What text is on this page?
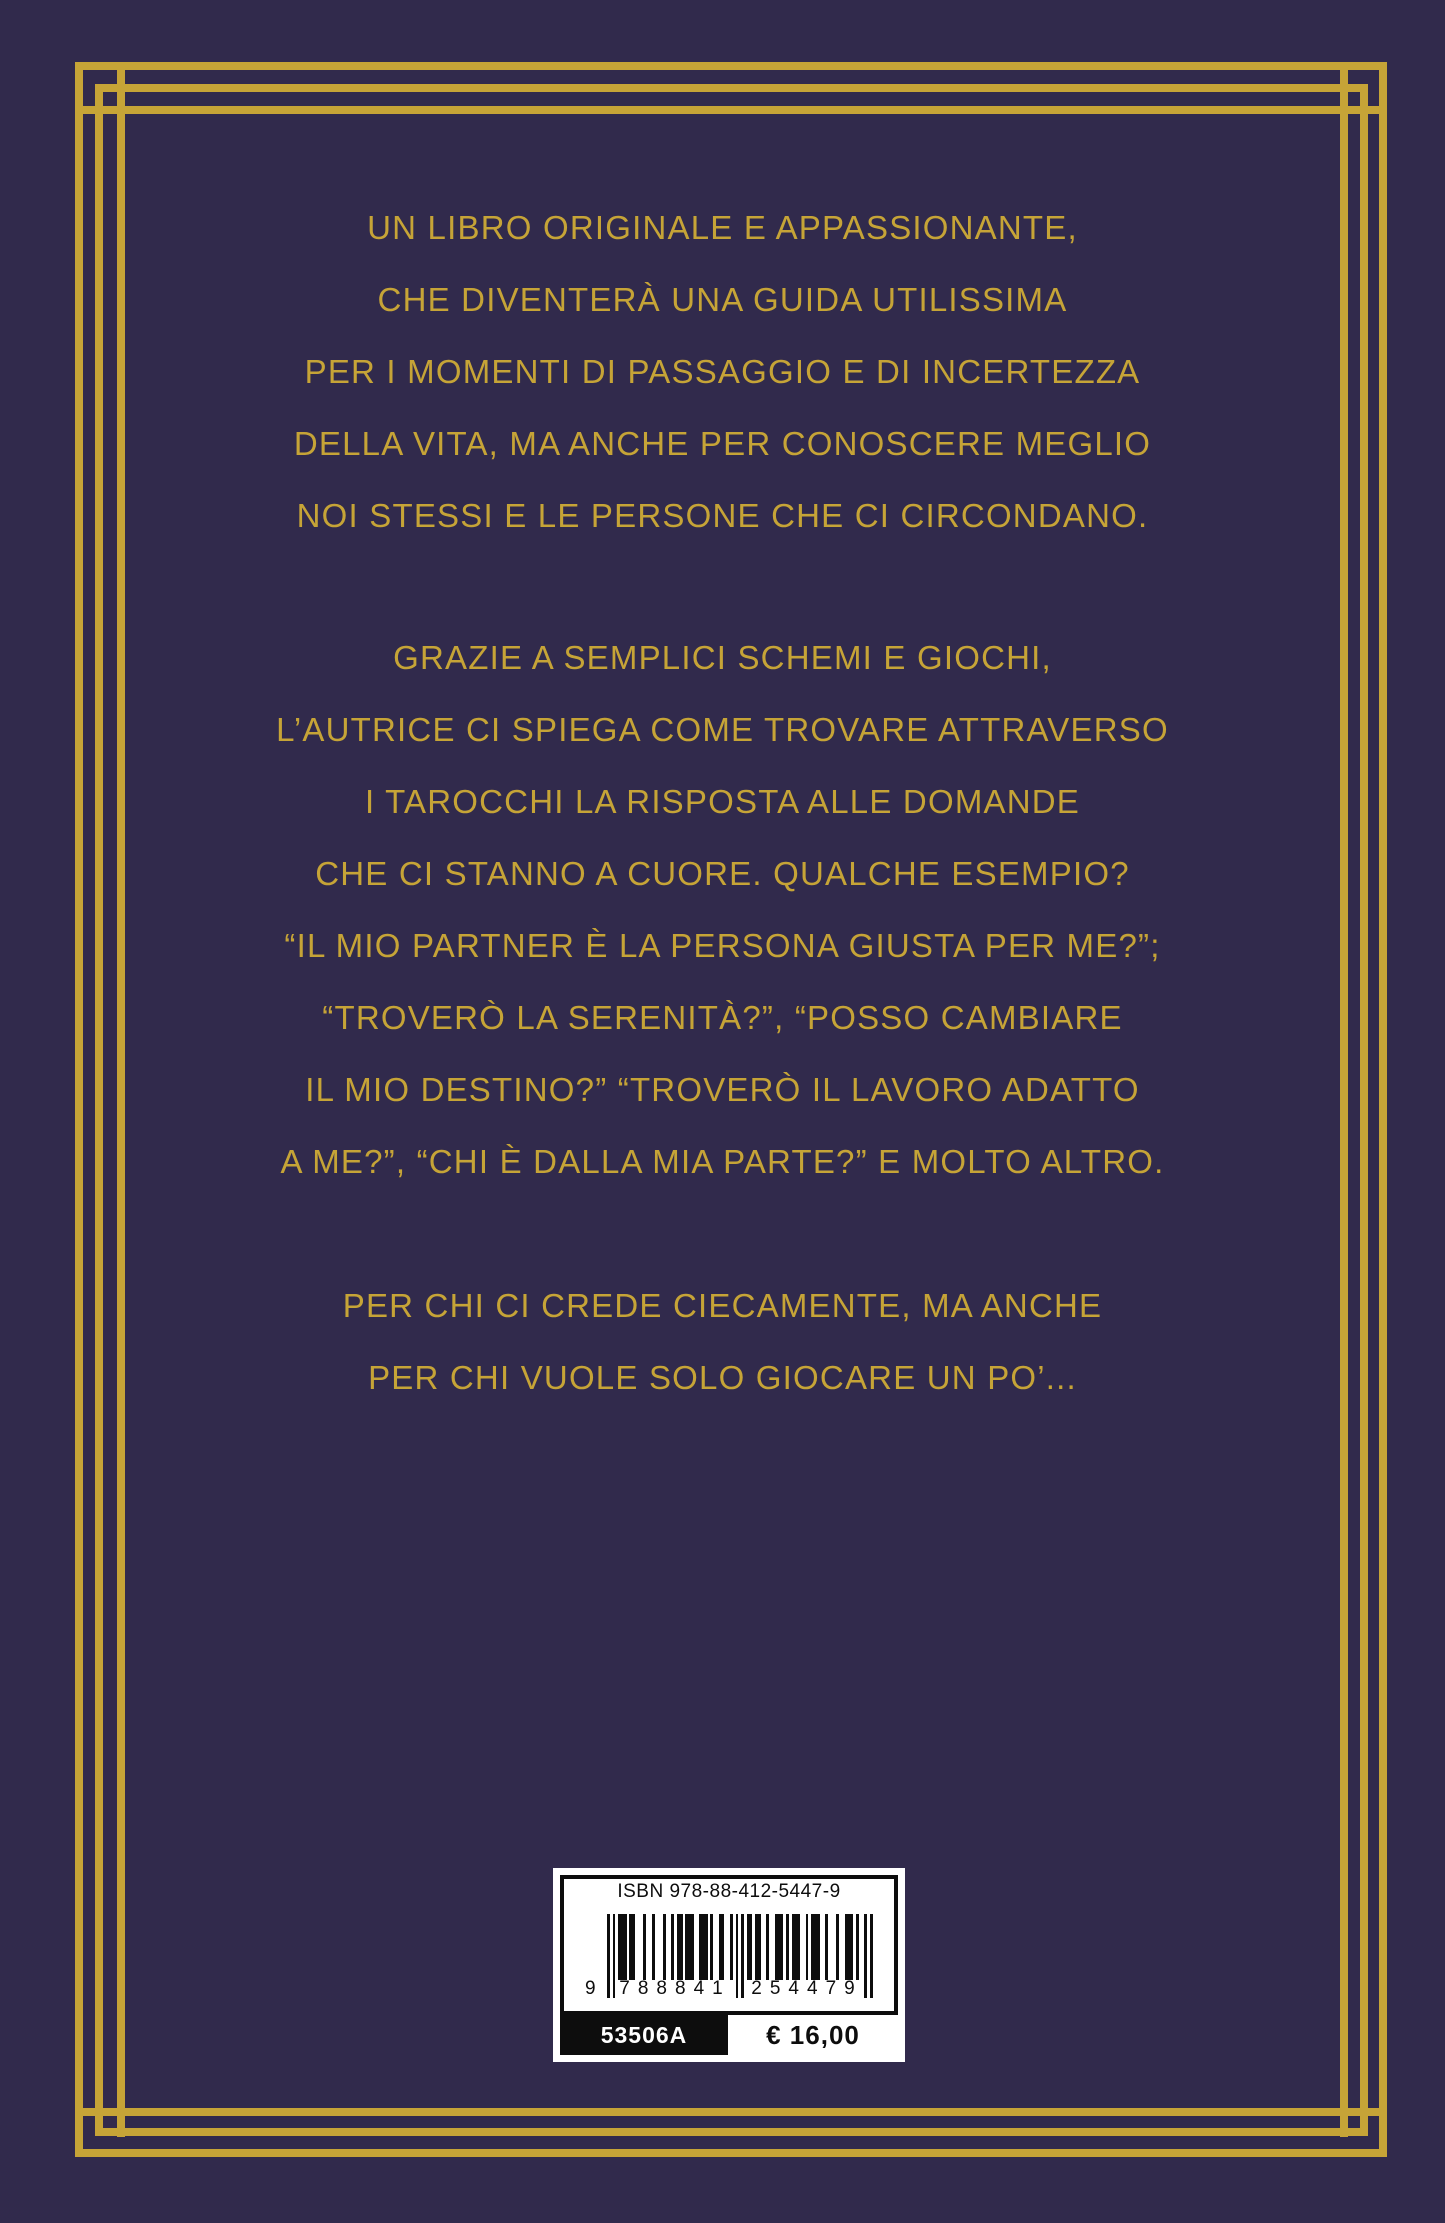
UN LIBRO ORIGINALE E APPASSIONANTE,
CHE DIVENTERÀ UNA GUIDA UTILISSIMA
PER I MOMENTI DI PASSAGGIO E DI INCERTEZZA
DELLA VITA, MA ANCHE PER CONOSCERE MEGLIO
NOI STESSI E LE PERSONE CHE CI CIRCONDANO.
GRAZIE A SEMPLICI SCHEMI E GIOCHI,
L’AUTRICE CI SPIEGA COME TROVARE ATTRAVERSO
I TAROCCHI LA RISPOSTA ALLE DOMANDE
CHE CI STANNO A CUORE. QUALCHE ESEMPIO?
“IL MIO PARTNER È LA PERSONA GIUSTA PER ME?”;
“TROVERÒ LA SERENITÀ?”, “POSSO CAMBIARE
IL MIO DESTINO?” “TROVERÒ IL LAVORO ADATTO
A ME?”, “CHI È DALLA MIA PARTE?” E MOLTO ALTRO.
PER CHI CI CREDE CIECAMENTE, MA ANCHE
PER CHI VUOLE SOLO GIOCARE UN PO’...
ISBN 978-88-412-5447-9
9 788841 254479
53506A	€ 16,00
